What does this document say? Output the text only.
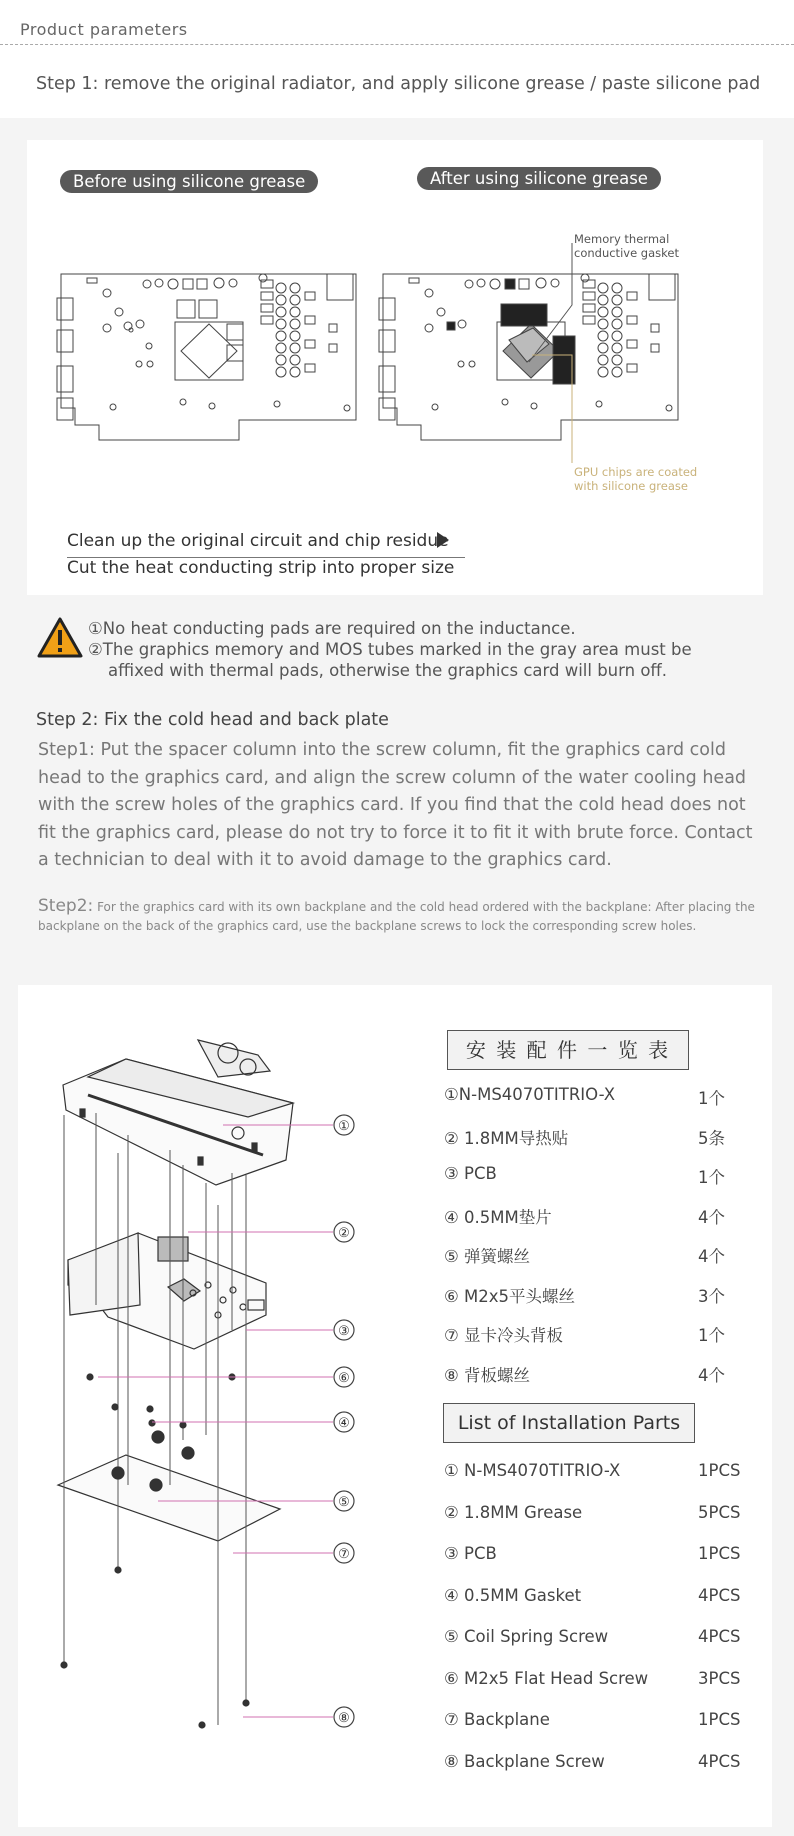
Product parameters
Step 1: remove the original radiator, and apply silicone grease / paste silicone pad
Before using silicone grease	After using silicone grease
Memory thermal
conductive gasket
GPU chips are coated
with silicone grease
Clean up the original circuit and chip residue
Cut the heat conducting strip into proper size
①No heat conducting pads are required on the inductance.
②The graphics memory and MOS tubes marked in the gray area must be
affixed with thermal pads, otherwise the graphics card will burn off.
Step 2: Fix the cold head and back plate
Step1: Put the spacer column into the screw column, fit the graphics card cold head to the graphics card, and align the screw column of the water cooling head with the screw holes of the graphics card. If you find that the cold head does not fit the graphics card, please do not try to force it to fit it with brute force. Contact a technician to deal with it to avoid damage to the graphics card.
Step2: For the graphics card with its own backplane and the cold head ordered with the backplane: After placing the backplane on the back of the graphics card, use the backplane screws to lock the corresponding screw holes.
①
②
③
⑥
④
⑤
⑦
⑧
安 装 配 件 一 览 表
①N-MS4070TITRIO-X	1个
② 1.8MM导热贴	5条
③ PCB	1个
④ 0.5MM垫片	4个
⑤ 弹簧螺丝	4个
⑥ M2x5平头螺丝	3个
⑦ 显卡冷头背板	1个
⑧ 背板螺丝	4个
List of Installation Parts
① N-MS4070TITRIO-X	1PCS
② 1.8MM Grease	5PCS
③ PCB	1PCS
④ 0.5MM Gasket	4PCS
⑤ Coil Spring Screw	4PCS
⑥ M2x5 Flat Head Screw	3PCS
⑦ Backplane	1PCS
⑧ Backplane Screw	4PCS
